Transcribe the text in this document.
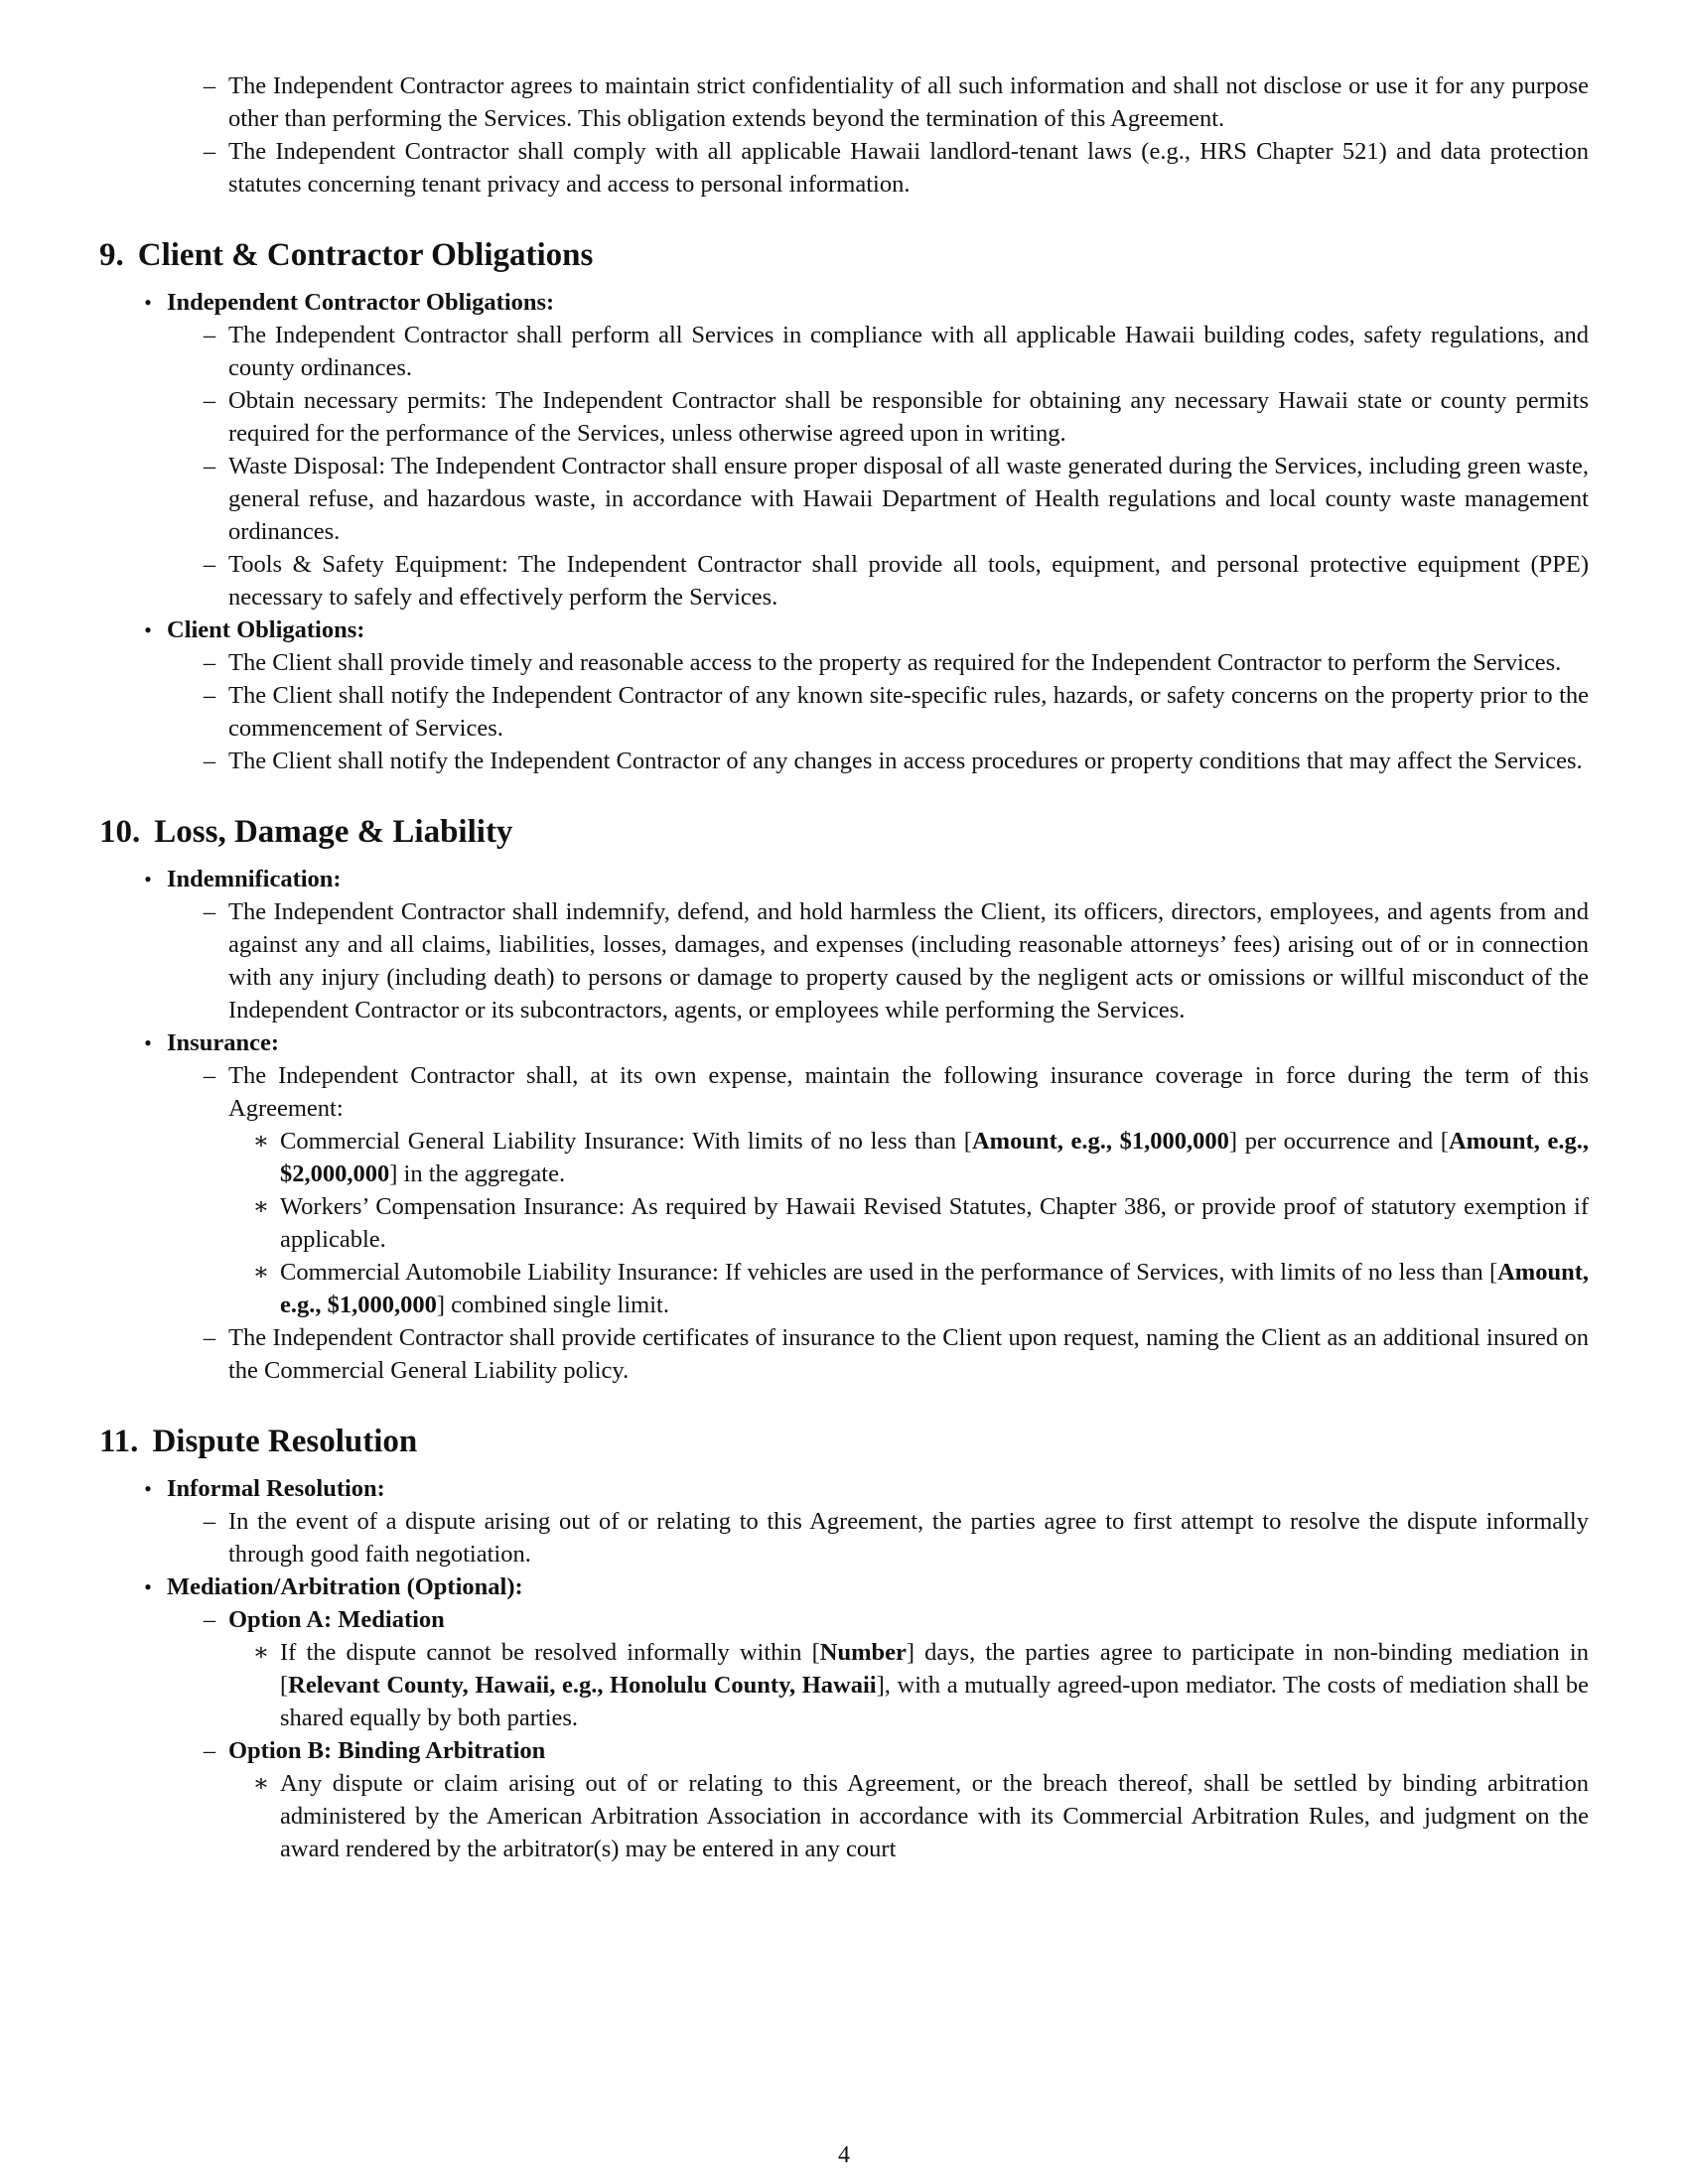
– The Independent Contractor agrees to maintain strict confidentiality of all such information and shall not disclose or use it for any purpose other than performing the Services. This obligation extends beyond the termination of this Agreement.
– The Independent Contractor shall comply with all applicable Hawaii landlord-tenant laws (e.g., HRS Chapter 521) and data protection statutes concerning tenant privacy and access to personal information.
9. Client & Contractor Obligations
• Independent Contractor Obligations:
– The Independent Contractor shall perform all Services in compliance with all applicable Hawaii building codes, safety regulations, and county ordinances.
– Obtain necessary permits: The Independent Contractor shall be responsible for obtaining any necessary Hawaii state or county permits required for the performance of the Services, unless otherwise agreed upon in writing.
– Waste Disposal: The Independent Contractor shall ensure proper disposal of all waste generated during the Services, including green waste, general refuse, and hazardous waste, in accordance with Hawaii Department of Health regulations and local county waste management ordinances.
– Tools & Safety Equipment: The Independent Contractor shall provide all tools, equipment, and personal protective equipment (PPE) necessary to safely and effectively perform the Services.
• Client Obligations:
– The Client shall provide timely and reasonable access to the property as required for the Independent Contractor to perform the Services.
– The Client shall notify the Independent Contractor of any known site-specific rules, hazards, or safety concerns on the property prior to the commencement of Services.
– The Client shall notify the Independent Contractor of any changes in access procedures or property conditions that may affect the Services.
10. Loss, Damage & Liability
• Indemnification:
– The Independent Contractor shall indemnify, defend, and hold harmless the Client, its officers, directors, employees, and agents from and against any and all claims, liabilities, losses, damages, and expenses (including reasonable attorneys’ fees) arising out of or in connection with any injury (including death) to persons or damage to property caused by the negligent acts or omissions or willful misconduct of the Independent Contractor or its subcontractors, agents, or employees while performing the Services.
• Insurance:
– The Independent Contractor shall, at its own expense, maintain the following insurance coverage in force during the term of this Agreement:
∗ Commercial General Liability Insurance: With limits of no less than [Amount, e.g., $1,000,000] per occurrence and [Amount, e.g., $2,000,000] in the aggregate.
∗ Workers’ Compensation Insurance: As required by Hawaii Revised Statutes, Chapter 386, or provide proof of statutory exemption if applicable.
∗ Commercial Automobile Liability Insurance: If vehicles are used in the performance of Services, with limits of no less than [Amount, e.g., $1,000,000] combined single limit.
– The Independent Contractor shall provide certificates of insurance to the Client upon request, naming the Client as an additional insured on the Commercial General Liability policy.
11. Dispute Resolution
• Informal Resolution:
– In the event of a dispute arising out of or relating to this Agreement, the parties agree to first attempt to resolve the dispute informally through good faith negotiation.
• Mediation/Arbitration (Optional):
– Option A: Mediation
∗ If the dispute cannot be resolved informally within [Number] days, the parties agree to participate in non-binding mediation in [Relevant County, Hawaii, e.g., Honolulu County, Hawaii], with a mutually agreed-upon mediator. The costs of mediation shall be shared equally by both parties.
– Option B: Binding Arbitration
∗ Any dispute or claim arising out of or relating to this Agreement, or the breach thereof, shall be settled by binding arbitration administered by the American Arbitration Association in accordance with its Commercial Arbitration Rules, and judgment on the award rendered by the arbitrator(s) may be entered in any court
4
